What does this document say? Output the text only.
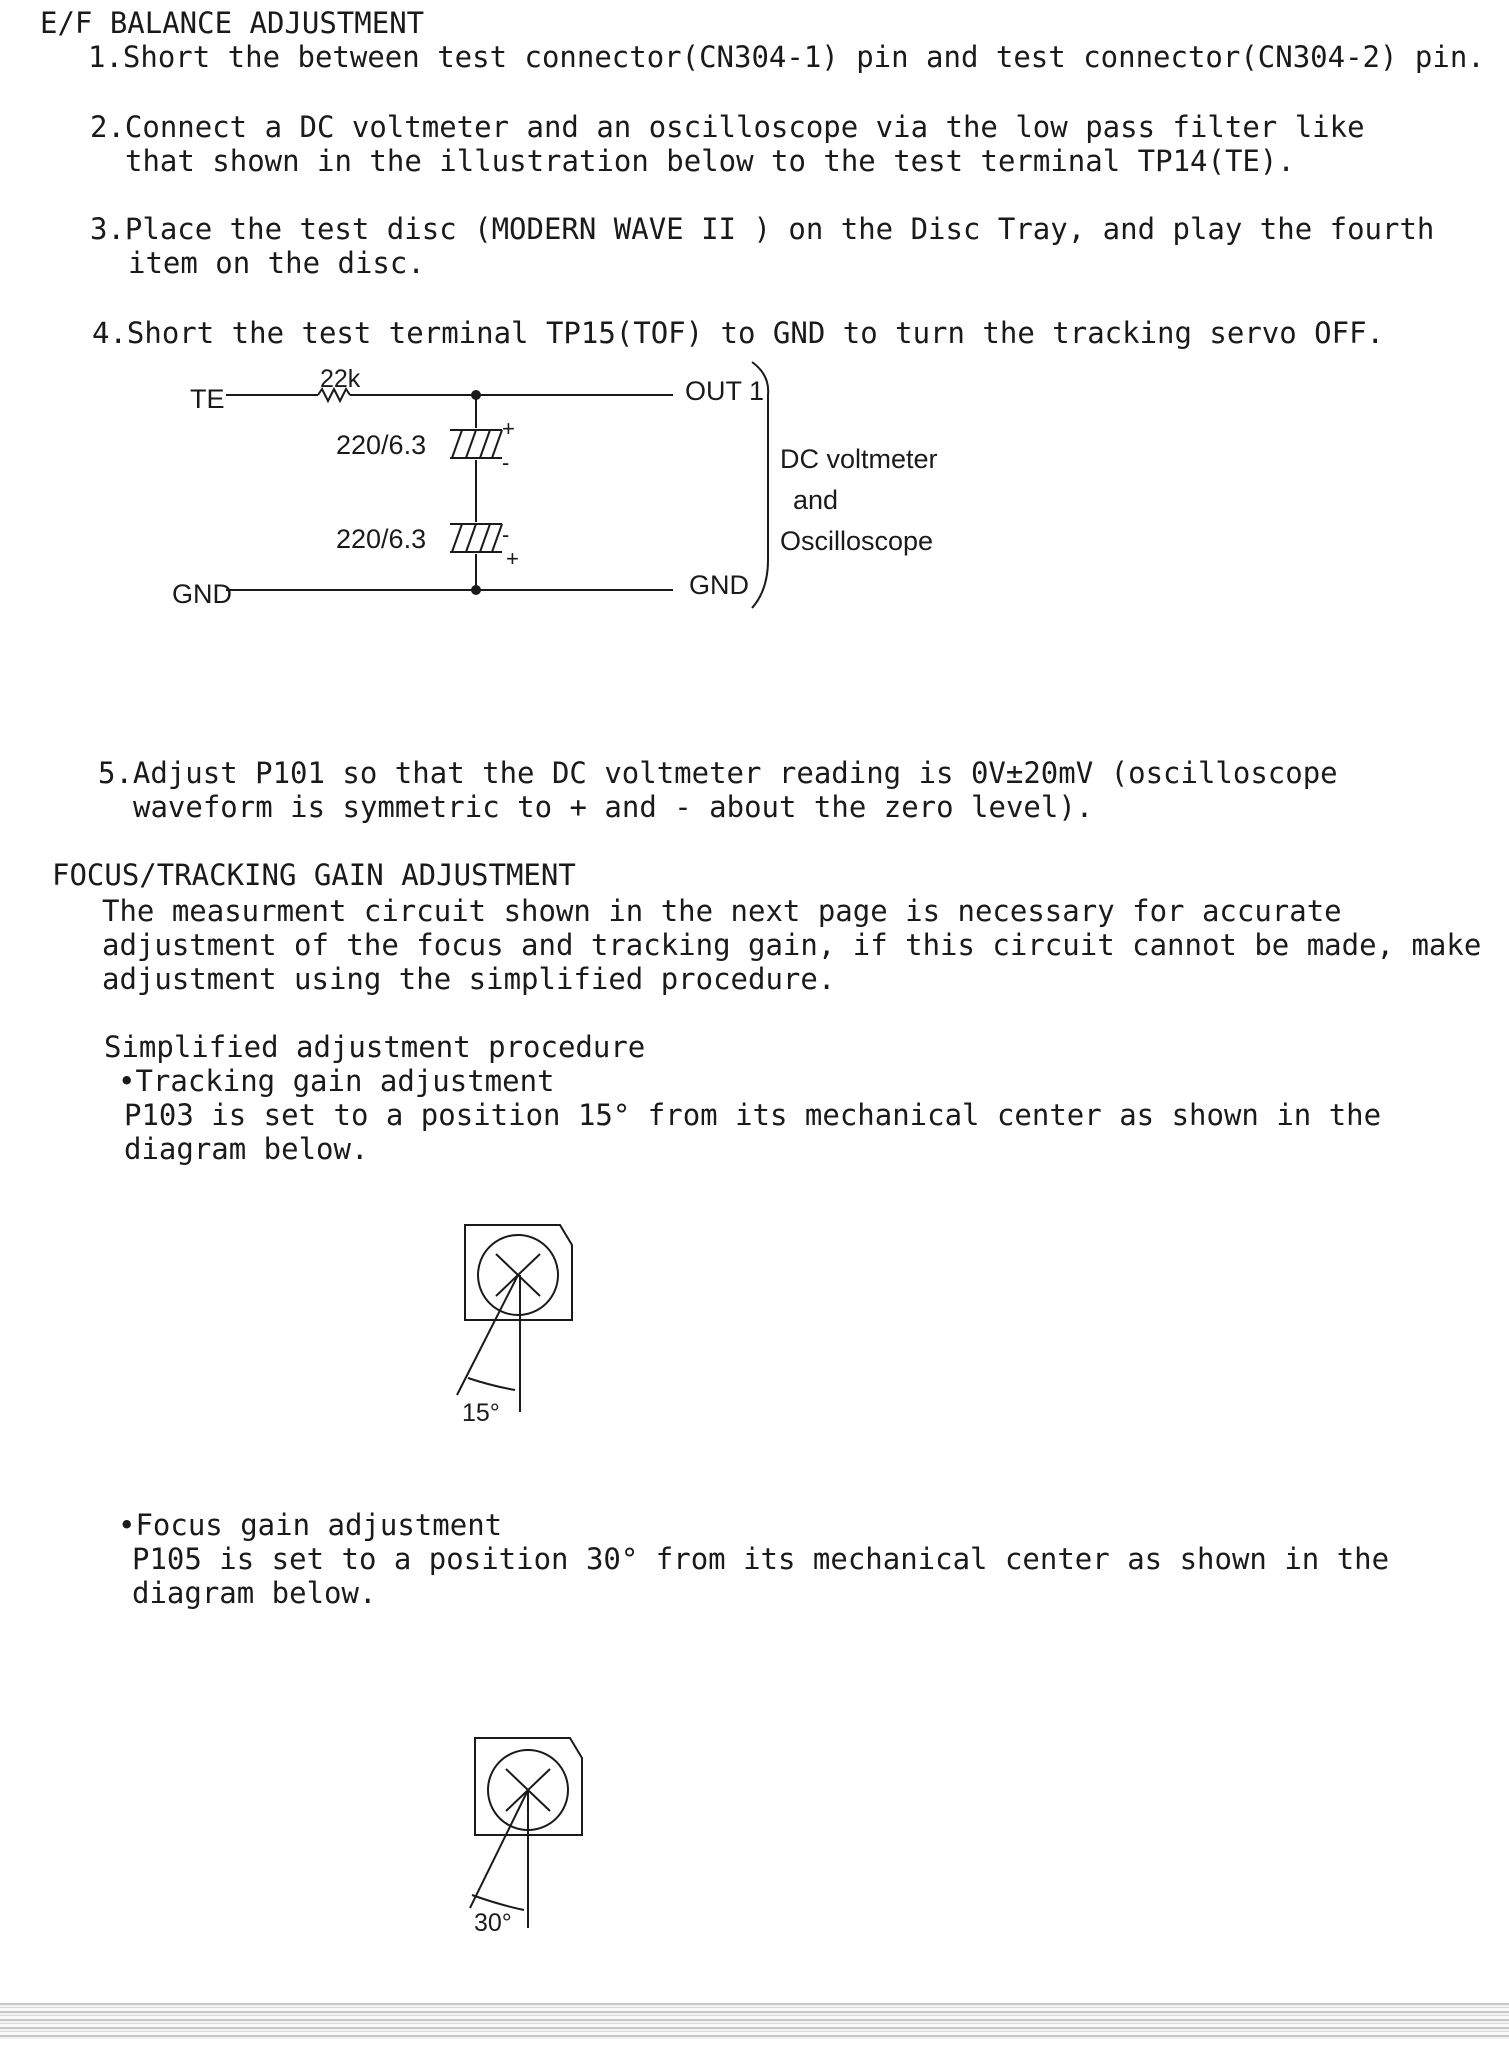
E/F BALANCE ADJUSTMENT
1.Short the between test connector(CN304-1) pin and test connector(CN304-2) pin.
2.Connect a DC voltmeter and an oscilloscope via the low pass filter like
that shown in the illustration below to the test terminal TP14(TE).
3.Place the test disc (MODERN WAVE II ) on the Disc Tray, and play the fourth
item on the disc.
4.Short the test terminal TP15(TOF) to GND to turn the tracking servo OFF.
TE
22k	OUT 1
220/6.3
+
-
220/6.3	-
+
GND	GND
DC voltmeter
and
Oscilloscope
5.Adjust P101 so that the DC voltmeter reading is 0V±20mV (oscilloscope
waveform is symmetric to + and - about the zero level).
FOCUS/TRACKING GAIN ADJUSTMENT
The measurment circuit shown in the next page is necessary for accurate
adjustment of the focus and tracking gain, if this circuit cannot be made, make
adjustment using the simplified procedure.
Simplified adjustment procedure
•Tracking gain adjustment
P103 is set to a position 15° from its mechanical center as shown in the
diagram below.
15°
•Focus gain adjustment
P105 is set to a position 30° from its mechanical center as shown in the
diagram below.
30°
